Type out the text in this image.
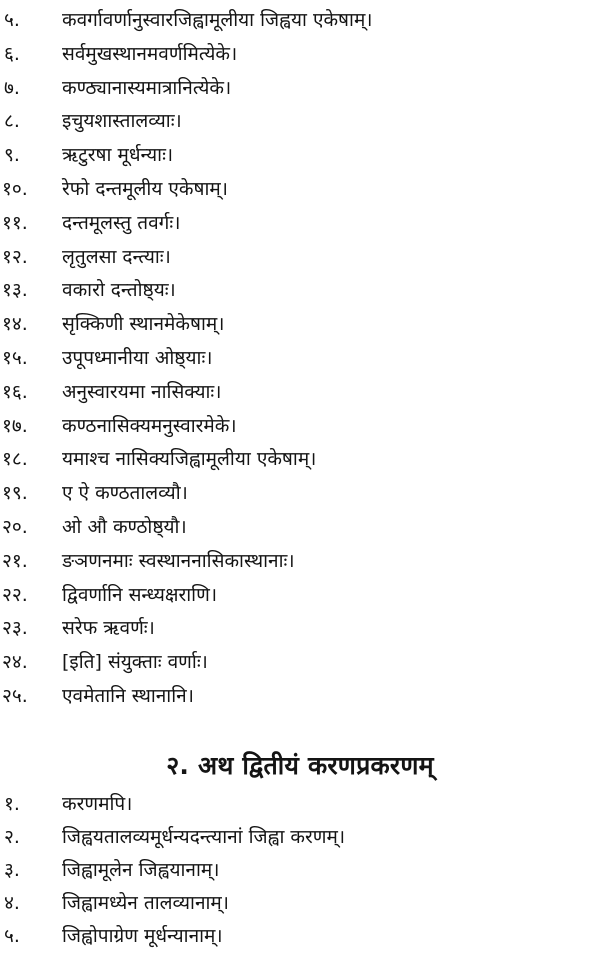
५.	कवर्गावर्णानुस्वारजिह्वामूलीया जिह्वया एकेषाम्।
६.	सर्वमुखस्थानमवर्णमित्येके।
७.	कण्ठ्यानास्यमात्रानित्येके।
८.	इचुयशास्तालव्याः।
९.	ऋटुरषा मूर्धन्याः।
१०.	रेफो दन्तमूलीय एकेषाम्।
११.	दन्तमूलस्तु तवर्गः।
१२.	लृतुलसा दन्त्याः।
१३.	वकारो दन्तोष्ठ्यः।
१४.	सृक्किणी स्थानमेकेषाम्।
१५.	उपूपध्मानीया ओष्ठ्याः।
१६.	अनुस्वारयमा नासिक्याः।
१७.	कण्ठनासिक्यमनुस्वारमेके।
१८.	यमाश्च नासिक्यजिह्वामूलीया एकेषाम्।
१९.	ए ऐ कण्ठतालव्यौ।
२०.	ओ औ कण्ठोष्ठ्यौ।
२१.	ङञणनमाः स्वस्थाननासिकास्थानाः।
२२.	द्विवर्णानि सन्ध्यक्षराणि।
२३.	सरेफ ऋवर्णः।
२४.	[इति] संयुक्ताः वर्णाः।
२५.	एवमेतानि स्थानानि।
२. अथ द्वितीयं करणप्रकरणम्
१.	करणमपि।
२.	जिह्वयतालव्यमूर्धन्यदन्त्यानां जिह्वा करणम्।
३.	जिह्वामूलेन जिह्वयानाम्।
४.	जिह्वामध्येन तालव्यानाम्।
५.	जिह्वोपाग्रेण मूर्धन्यानाम्।
